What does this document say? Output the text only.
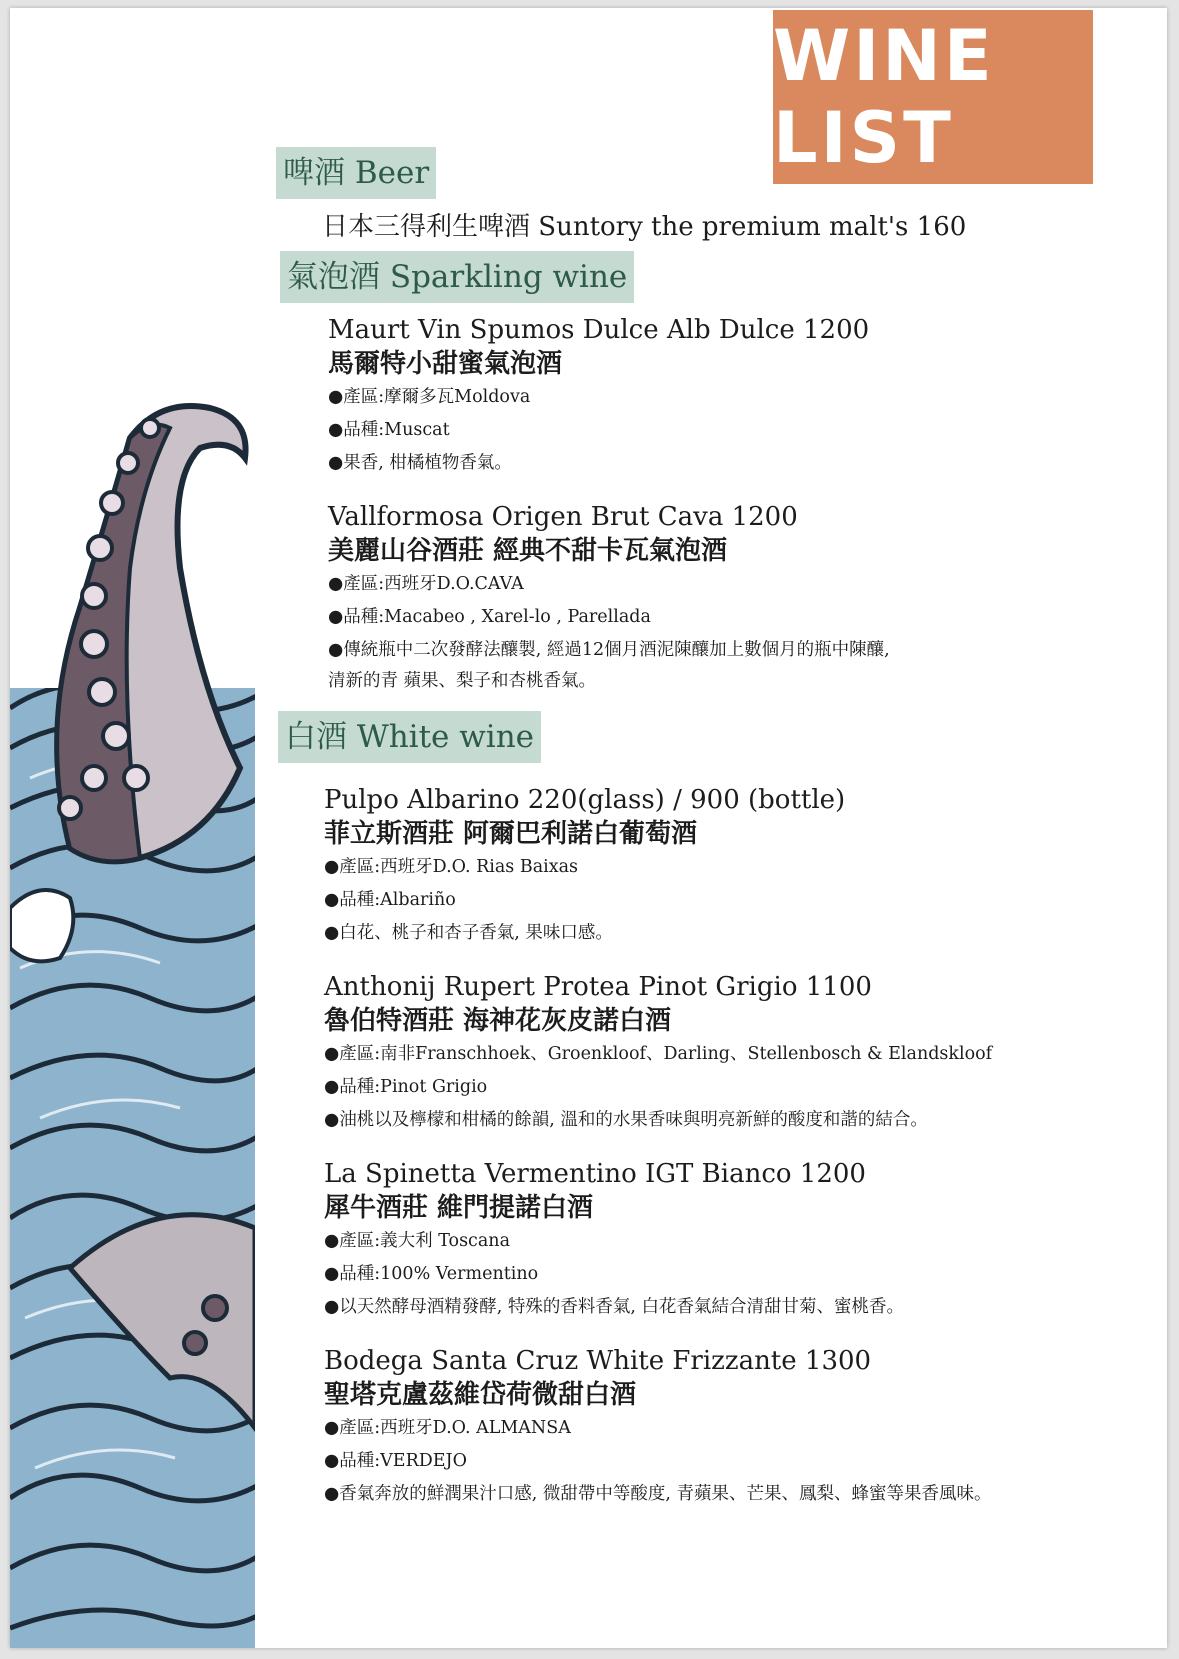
WINE LIST
啤酒 Beer
日本三得利生啤酒 Suntory the premium malt's 160
氣泡酒 Sparkling wine
Maurt Vin Spumos Dulce Alb Dulce 1200
馬爾特小甜蜜氣泡酒
●產區:摩爾多瓦Moldova
●品種:Muscat
●果香, 柑橘植物香氣。
Vallformosa Origen Brut Cava 1200
美麗山谷酒莊 經典不甜卡瓦氣泡酒
●產區:西班牙D.O.CAVA
●品種:Macabeo , Xarel-lo , Parellada
●傳統瓶中二次發酵法釀製, 經過12個月酒泥陳釀加上數個月的瓶中陳釀,
清新的青 蘋果、梨子和杏桃香氣。
白酒 White wine
Pulpo Albarino 220(glass) / 900 (bottle)
菲立斯酒莊 阿爾巴利諾白葡萄酒
●產區:西班牙D.O. Rias Baixas
●品種:Albariño
●白花、桃子和杏子香氣, 果味口感。
Anthonij Rupert Protea Pinot Grigio 1100
魯伯特酒莊 海神花灰皮諾白酒
●產區:南非Franschhoek、Groenkloof、Darling、Stellenbosch & Elandskloof
●品種:Pinot Grigio
●油桃以及檸檬和柑橘的餘韻, 溫和的水果香味與明亮新鮮的酸度和諧的結合。
La Spinetta Vermentino IGT Bianco 1200
犀牛酒莊 維門提諾白酒
●產區:義大利 Toscana
●品種:100% Vermentino
●以天然酵母酒精發酵, 特殊的香料香氣, 白花香氣結合清甜甘菊、蜜桃香。
Bodega Santa Cruz White Frizzante 1300
聖塔克盧茲維岱荷微甜白酒
●產區:西班牙D.O. ALMANSA
●品種:VERDEJO
●香氣奔放的鮮潤果汁口感, 微甜帶中等酸度, 青蘋果、芒果、鳳梨、蜂蜜等果香風味。
